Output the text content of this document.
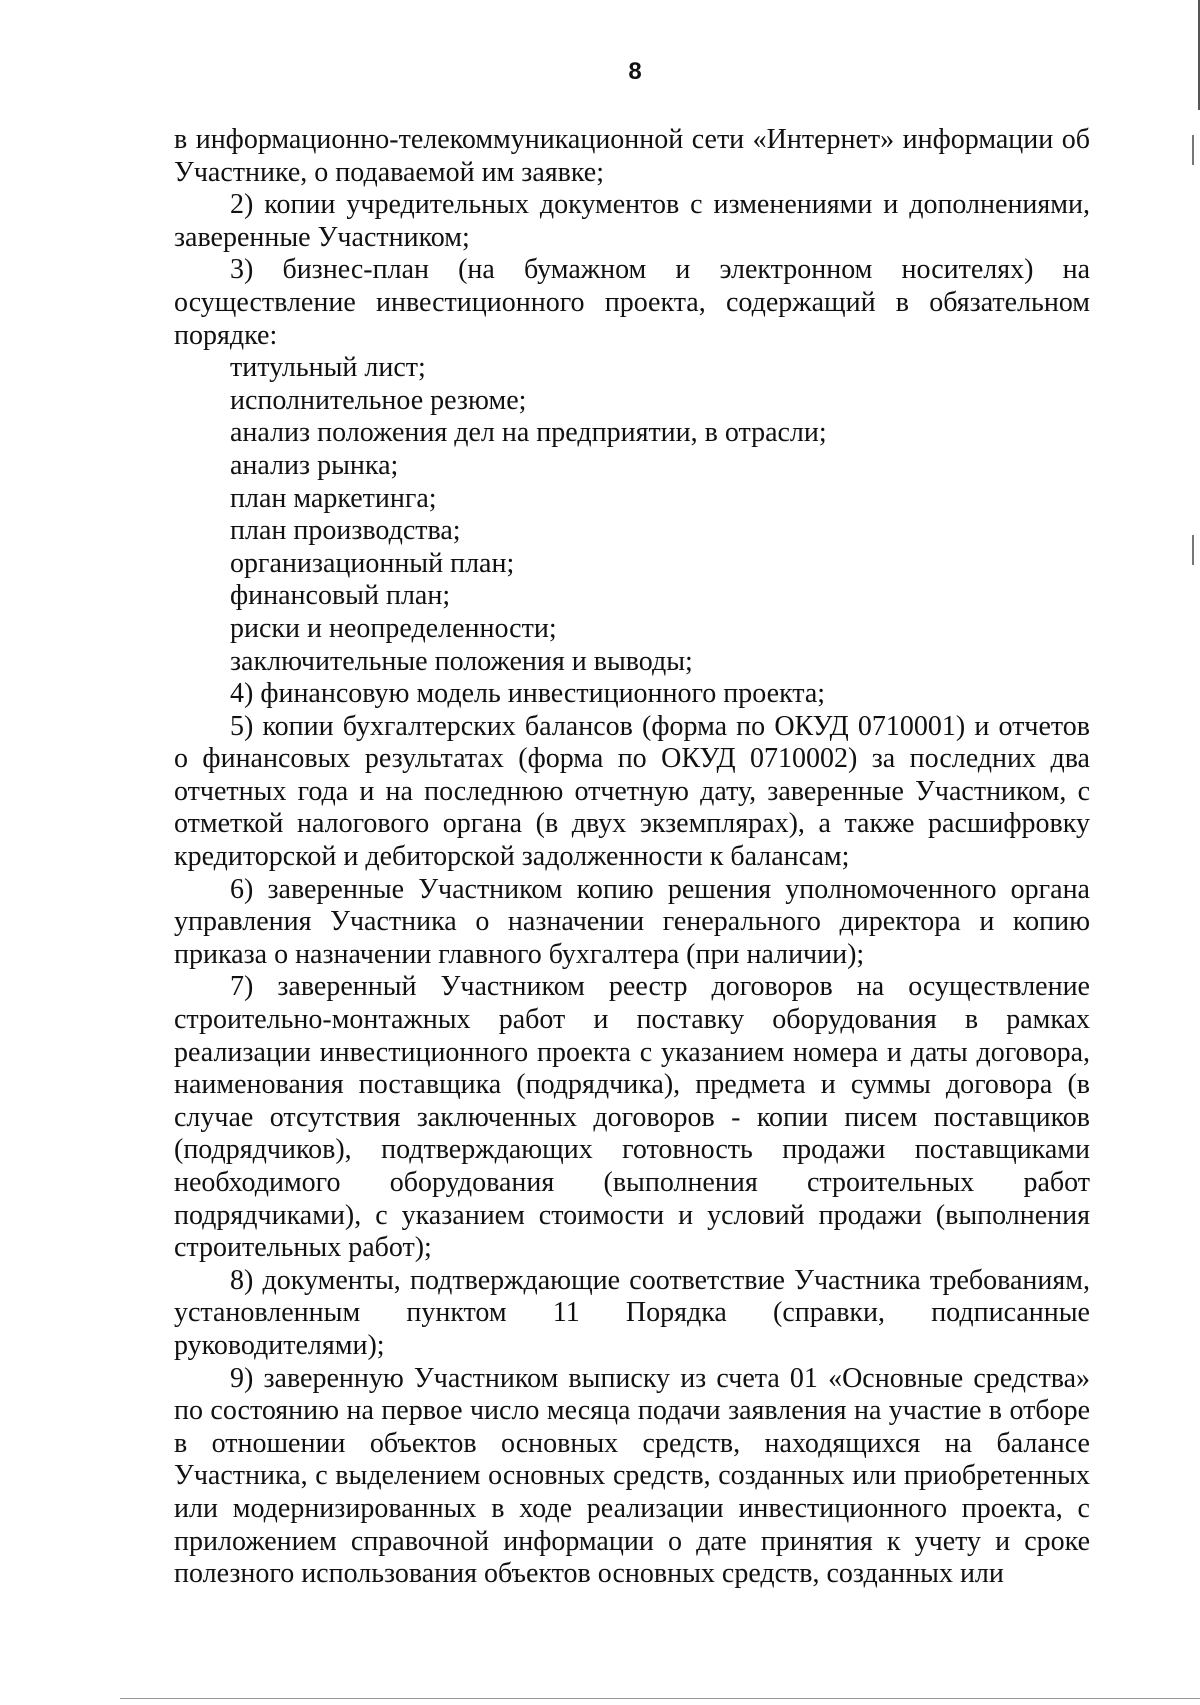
8

в информационно-телекоммуникационной сети «Интернет» информации об Участнике, о подаваемой им заявке;

2) копии учредительных документов с изменениями и дополнениями, заверенные Участником;

3) бизнес-план (на бумажном и электронном носителях) на осуществление инвестиционного проекта, содержащий в обязательном порядке:

титульный лист;

исполнительное резюме;

анализ положения дел на предприятии, в отрасли;

анализ рынка;

план маркетинга;

план производства;

организационный план;

финансовый план;

риски и неопределенности;

заключительные положения и выводы;

4) финансовую модель инвестиционного проекта;

5) копии бухгалтерских балансов (форма по ОКУД 0710001) и отчетов о финансовых результатах (форма по ОКУД 0710002) за последних два отчетных года и на последнюю отчетную дату, заверенные Участником, с отметкой налогового органа (в двух экземплярах), а также расшифровку кредиторской и дебиторской задолженности к балансам;

6) заверенные Участником копию решения уполномоченного органа управления Участника о назначении генерального директора и копию приказа о назначении главного бухгалтера (при наличии);

7) заверенный Участником реестр договоров на осуществление строительно-монтажных работ и поставку оборудования в рамках реализации инвестиционного проекта с указанием номера и даты договора, наименования поставщика (подрядчика), предмета и суммы договора (в случае отсутствия заключенных договоров - копии писем поставщиков (подрядчиков), подтверждающих готовность продажи поставщиками необходимого оборудования (выполнения строительных работ подрядчиками), с указанием стоимости и условий продажи (выполнения строительных работ);

8) документы, подтверждающие соответствие Участника требованиям, установленным пунктом 11 Порядка (справки, подписанные руководителями);

9) заверенную Участником выписку из счета 01 «Основные средства» по состоянию на первое число месяца подачи заявления на участие в отборе в отношении объектов основных средств, находящихся на балансе Участника, с выделением основных средств, созданных или приобретенных или модернизированных в ходе реализации инвестиционного проекта, с приложением справочной информации о дате принятия к учету и сроке полезного использования объектов основных средств, созданных или
